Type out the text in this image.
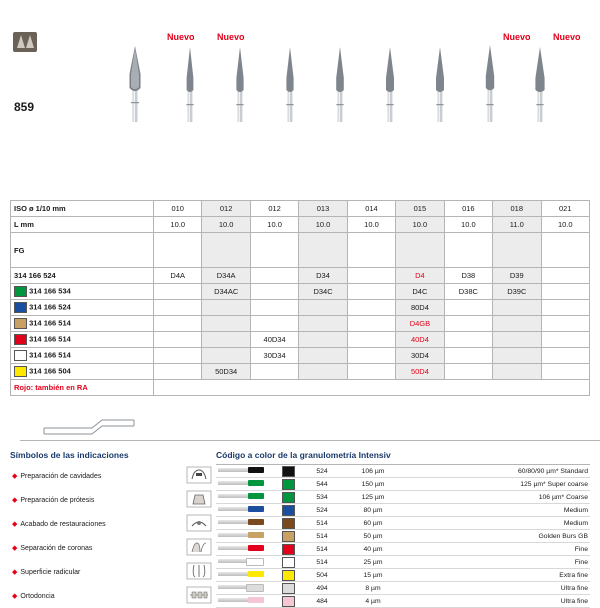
859
Nuevo Nuevo	Nuevo Nuevo
ISO ø 1/10 mm	010	012	012	013	014	015	016	018	021
L mm	10.0	10.0	10.0	10.0	10.0	10.0	10.0	11.0	10.0
FG									
314 166 524	D4A	D34A		D34		D4	D38	D39	
314 166 534		D34AC		D34C		D4C	D38C	D39C	
314 166 524						80D4			
314 166 514						D4GB			
314 166 514			40D34			40D4			
314 166 514			30D34			30D4			
314 166 504		50D34				50D4			
Rojo: también en RA									
Símbolos de las indicaciones
◆ Preparación de cavidades	
◆ Preparación de prótesis	
◆ Acabado de restauraciones	
◆ Separación de coronas	
◆ Superficie radicular	
◆ Ortodoncia	
Código a color de la granulometría Intensiv
		524	106 µm	60/80/90 µm* Standard

		544	150 µm	125 µm* Super coarse

		534	125 µm	106 µm* Coarse

		524	80 µm	Medium

		514	60 µm	Medium

		514	50 µm	Golden Burs GB

		514	40 µm	Fine

		514	25 µm	Fine

		504	15 µm	Extra fine

		494	8 µm	Ultra fine

		484	4 µm	Ultra fine
